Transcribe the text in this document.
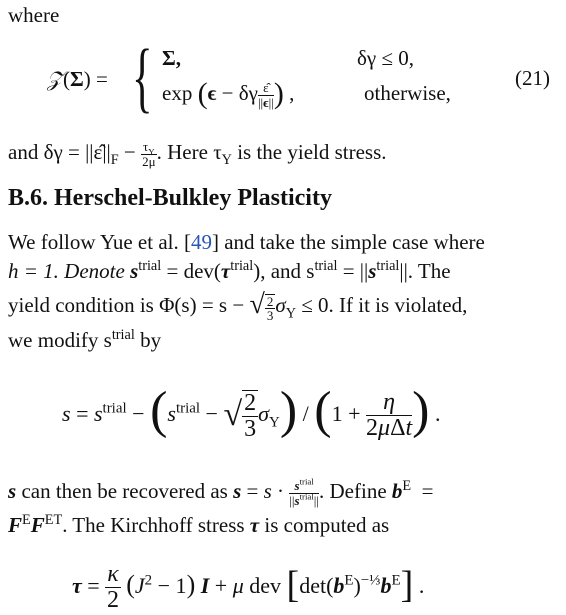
where
𝒵(Σ) = { Σ,	δγ ≤ 0,
exp (ϵ − δγ $\frac{\varepsilon̂}{||\epsilon||}$ ) ,	otherwise,
(21)
and $\delta\gamma = ||\varepsilon̂||_F - \frac{\tau_Y}{2\mu}$ . Here $\tau_Y$ is the yield stress.
B.6. Herschel-Bulkley Plasticity
We follow Yue et al. [49] and take the simple case where
h = 1. Denote $s^{trial} = dev(\tau^{trial})$, and $s^{trial} = ||s^{trial}||$. The
yield condition is Φ(s) = s − √ $\frac{2}{3} \sigma_Y \le 0$. If it is violated,
we modify $s^{trial}$ by
$s = s^{trial} - (s^{trial}$ − √ $\frac{2}{3} \sigma_Y) / (1 + \frac{\eta}{\text{2μΔt}}$ ) .
s can then be recovered as $s = s \cdot \frac{s^{trial}}{||s^{trial}||}$ . Define $b^E$  =
$F^EF^{ET}$. The Kirchhoff stress τ is computed as
$\tau = \frac{\kappa}{2} (J^2 - 1) I + \mu$ dev $[\det(b^E)^{-\frac{1}{3}}b^E]$ .
